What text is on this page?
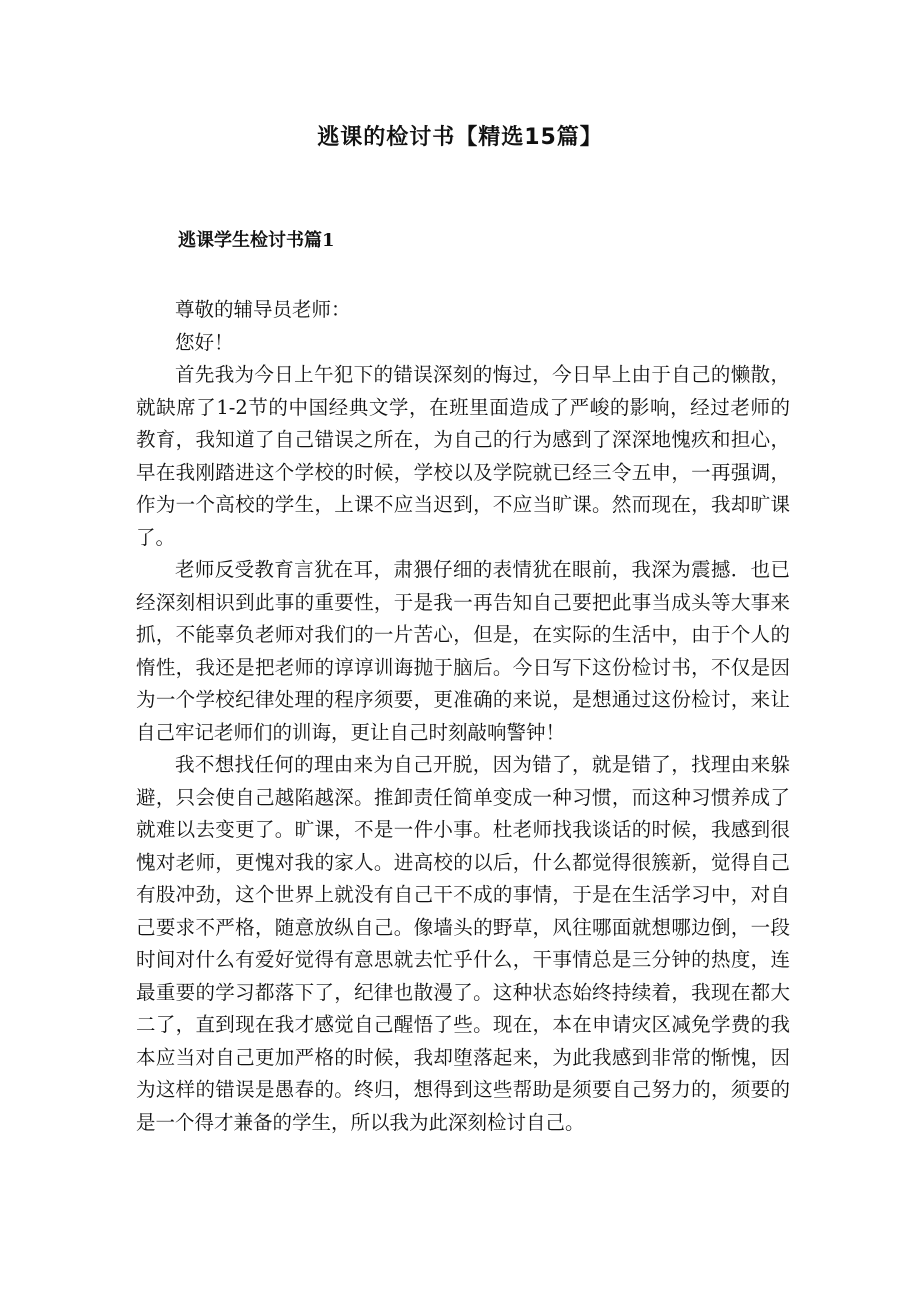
逃课的检讨书【精选15篇】
逃课学生检讨书篇1

尊敬的辅导员老师：

您好！

首先我为今日上午犯下的错误深刻的悔过，今日早上由于自己的懒散，就缺席了1-2节的中国经典文学，在班里面造成了严峻的影响，经过老师的教育，我知道了自己错误之所在，为自己的行为感到了深深地愧疚和担心，早在我刚踏进这个学校的时候，学校以及学院就已经三令五申，一再强调，作为一个高校的学生，上课不应当迟到，不应当旷课。然而现在，我却旷课了。

老师反受教育言犹在耳，肃猥仔细的表情犹在眼前，我深为震撼．也已经深刻相识到此事的重要性，于是我一再告知自己要把此事当成头等大事来抓，不能辜负老师对我们的一片苦心，但是，在实际的生活中，由于个人的惰性，我还是把老师的谆谆训诲抛于脑后。今日写下这份检讨书，不仅是因为一个学校纪律处理的程序须要，更准确的来说，是想通过这份检讨，来让自己牢记老师们的训诲，更让自己时刻敲响警钟！

我不想找任何的理由来为自己开脱，因为错了，就是错了，找理由来躲避，只会使自己越陷越深。推卸责任简单变成一种习惯，而这种习惯养成了就难以去变更了。旷课，不是一件小事。杜老师找我谈话的时候，我感到很愧对老师，更愧对我的家人。进高校的以后，什么都觉得很簇新，觉得自己有股冲劲，这个世界上就没有自己干不成的事情，于是在生活学习中，对自己要求不严格，随意放纵自己。像墙头的野草，风往哪面就想哪边倒，一段时间对什么有爱好觉得有意思就去忙乎什么，干事情总是三分钟的热度，连最重要的学习都落下了，纪律也散漫了。这种状态始终持续着，我现在都大二了，直到现在我才感觉自己醒悟了些。现在，本在申请灾区减免学费的我本应当对自己更加严格的时候，我却堕落起来，为此我感到非常的惭愧，因为这样的错误是愚春的。终归，想得到这些帮助是须要自己努力的，须要的是一个得才兼备的学生，所以我为此深刻检讨自己。
